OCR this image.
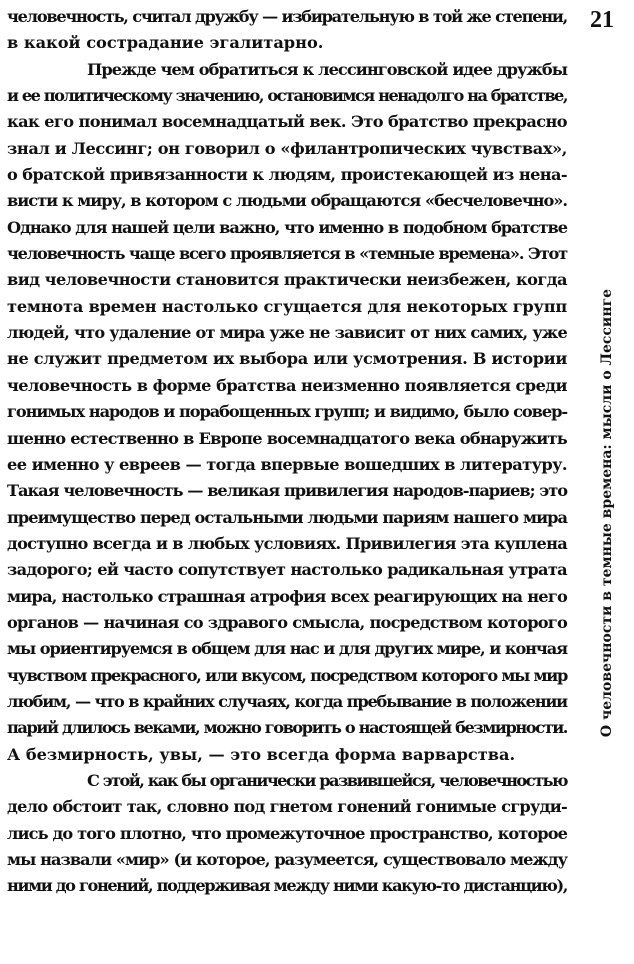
21
О человечности в темные времена: мысли о Лессинге

человечность, считал дружбу — избирательную в той же степени,
в какой сострадание эгалитарно.

Прежде чем обратиться к лессинговской идее дружбы
и ее политическому значению, остановимся ненадолго на братстве,
как его понимал восемнадцатый век. Это братство прекрасно
знал и Лессинг; он говорил о «филантропических чувствах»,
о братской привязанности к людям, проистекающей из нена-
висти к миру, в котором с людьми обращаются «бесчеловечно».
Однако для нашей цели важно, что именно в подобном братстве
человечность чаще всего проявляется в «темные времена». Этот
вид человечности становится практически неизбежен, когда
темнота времен настолько сгущается для некоторых групп
людей, что удаление от мира уже не зависит от них самих, уже
не служит предметом их выбора или усмотрения. В истории
человечность в форме братства неизменно появляется среди
гонимых народов и порабощенных групп; и видимо, было совер-
шенно естественно в Европе восемнадцатого века обнаружить
ее именно у евреев — тогда впервые вошедших в литературу.
Такая человечность — великая привилегия народов-париев; это
преимущество перед остальными людьми париям нашего мира
доступно всегда и в любых условиях. Привилегия эта куплена
задорого; ей часто сопутствует настолько радикальная утрата
мира, настолько страшная атрофия всех реагирующих на него
органов — начиная со здравого смысла, посредством которого
мы ориентируемся в общем для нас и для других мире, и кончая
чувством прекрасного, или вкусом, посредством которого мы мир
любим, — что в крайних случаях, когда пребывание в положении
парий длилось веками, можно говорить о настоящей безмирности.
А безмирность, увы, — это всегда форма варварства.

С этой, как бы органически развившейся, человечностью
дело обстоит так, словно под гнетом гонений гонимые сгруди-
лись до того плотно, что промежуточное пространство, которое
мы назвали «мир» (и которое, разумеется, существовало между
ними до гонений, поддерживая между ними какую-то дистанцию),
